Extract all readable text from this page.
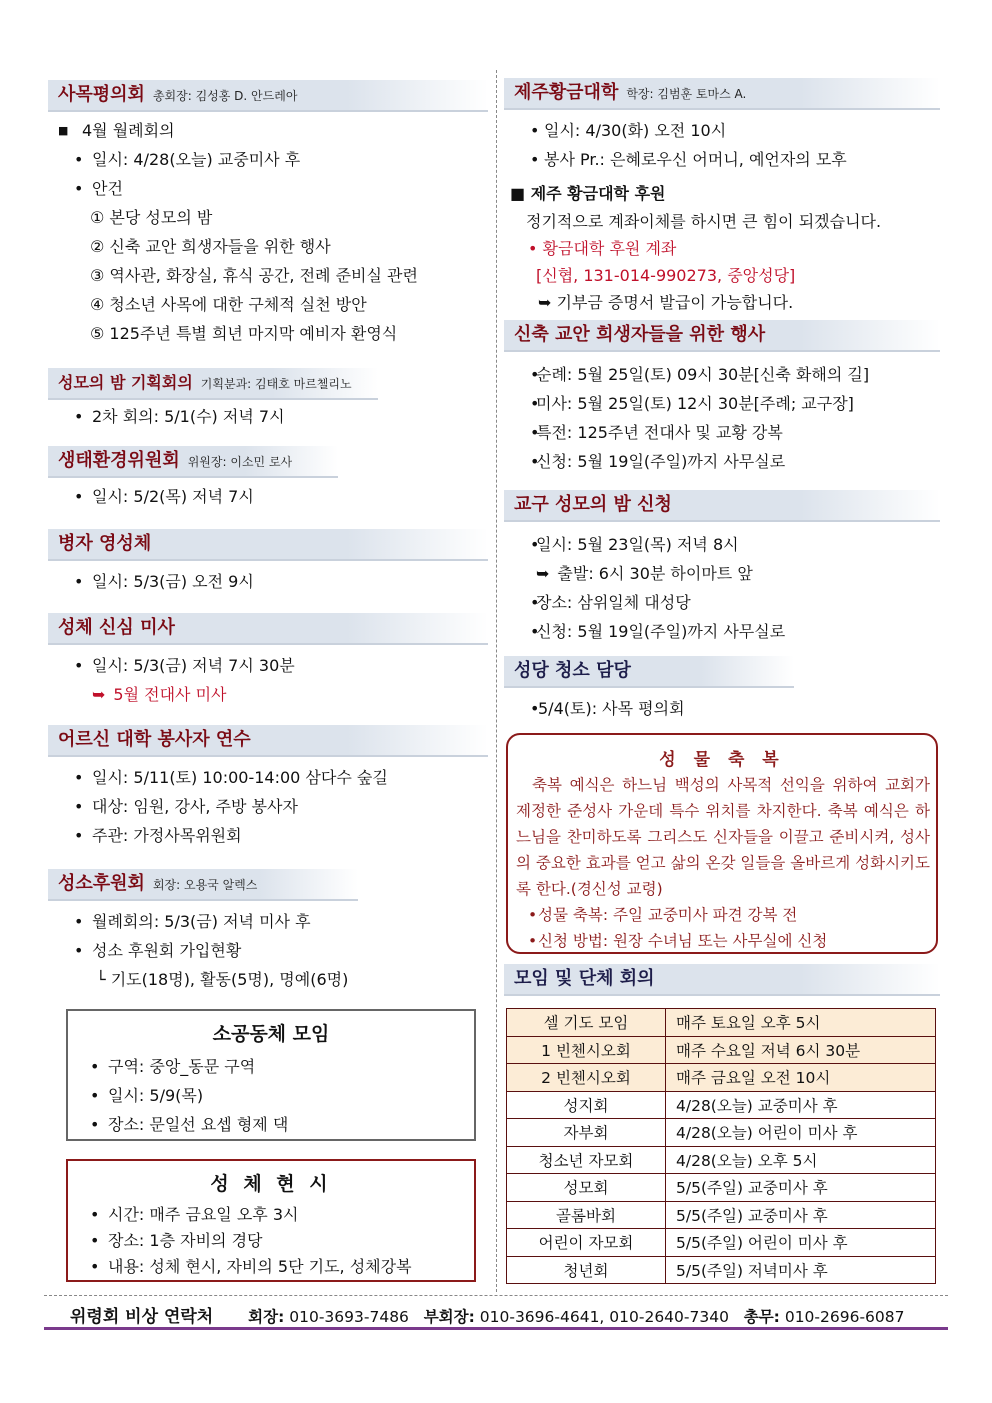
사목평의회 총회장: 김성홍 D. 안드레아
■ 4월 월례회의
• 일시: 4/28(오늘) 교중미사 후
• 안건
① 본당 성모의 밤
② 신축 교안 희생자들을 위한 행사
③ 역사관, 화장실, 휴식 공간, 전례 준비실 관련
④ 청소년 사목에 대한 구체적 실천 방안
⑤ 125주년 특별 희년 마지막 예비자 환영식
성모의 밤 기획회의 기획분과: 김태호 마르첼리노
• 2차 회의: 5/1(수) 저녁 7시
생태환경위원회 위원장: 이소민 로사
• 일시: 5/2(목) 저녁 7시
병자 영성체
• 일시: 5/3(금) 오전 9시
성체 신심 미사
• 일시: 5/3(금) 저녁 7시 30분
➥ 5월 전대사 미사
어르신 대학 봉사자 연수
• 일시: 5/11(토) 10:00-14:00 삼다수 숲길
• 대상: 임원, 강사, 주방 봉사자
• 주관: 가정사목위원회
성소후원회 회장: 오용국 알렉스
• 월례회의: 5/3(금) 저녁 미사 후
• 성소 후원회 가입현황
└ 기도(18명), 활동(5명), 명예(6명)
소공동체 모임
• 구역: 중앙_동문 구역
• 일시: 5/9(목)
• 장소: 문일선 요셉 형제 댁
성 체 현 시
• 시간: 매주 금요일 오후 3시
• 장소: 1층 자비의 경당
• 내용: 성체 현시, 자비의 5단 기도, 성체강복
제주황금대학 학장: 김범훈 토마스 A.
• 일시: 4/30(화) 오전 10시
• 봉사 Pr.: 은혜로우신 어머니, 예언자의 모후
■ 제주 황금대학 후원
정기적으로 계좌이체를 하시면 큰 힘이 되겠습니다.
• 황금대학 후원 계좌
[신협, 131-014-990273, 중앙성당]
➥ 기부금 증명서 발급이 가능합니다.
신축 교안 희생자들을 위한 행사
• 순례: 5월 25일(토) 09시 30분[신축 화해의 길]
• 미사: 5월 25일(토) 12시 30분[주례; 교구장]
• 특전: 125주년 전대사 및 교황 강복
• 신청: 5월 19일(주일)까지 사무실로
교구 성모의 밤 신청
• 일시: 5월 23일(목) 저녁 8시
➥ 출발: 6시 30분 하이마트 앞
• 장소: 삼위일체 대성당
• 신청: 5월 19일(주일)까지 사무실로
성당 청소 담당
• 5/4(토): 사목 평의회
성 물 축 복
축복 예식은 하느님 백성의 사목적 선익을 위하여 교회가 제정한 준성사 가운데 특수 위치를 차지한다. 축복 예식은 하느님을 찬미하도록 그리스도 신자들을 이끌고 준비시켜, 성사의 중요한 효과를 얻고 삶의 온갖 일들을 올바르게 성화시키도록 한다.(경신성 교령)
• 성물 축복: 주일 교중미사 파견 강복 전
• 신청 방법: 원장 수녀님 또는 사무실에 신청
모임 및 단체 회의
셀 기도 모임	매주 토요일 오후 5시
1 빈첸시오회	매주 수요일 저녁 6시 30분
2 빈첸시오회	매주 금요일 오전 10시
성지회	4/28(오늘) 교중미사 후
자부회	4/28(오늘) 어린이 미사 후
청소년 자모회	4/28(오늘) 오후 5시
성모회	5/5(주일) 교중미사 후
골롬바회	5/5(주일) 교중미사 후
어린이 자모회	5/5(주일) 어린이 미사 후
청년회	5/5(주일) 저녁미사 후
위령회 비상 연락처 회장: 010-3693-7486 부회장: 010-3696-4641, 010-2640-7340 총무: 010-2696-6087
